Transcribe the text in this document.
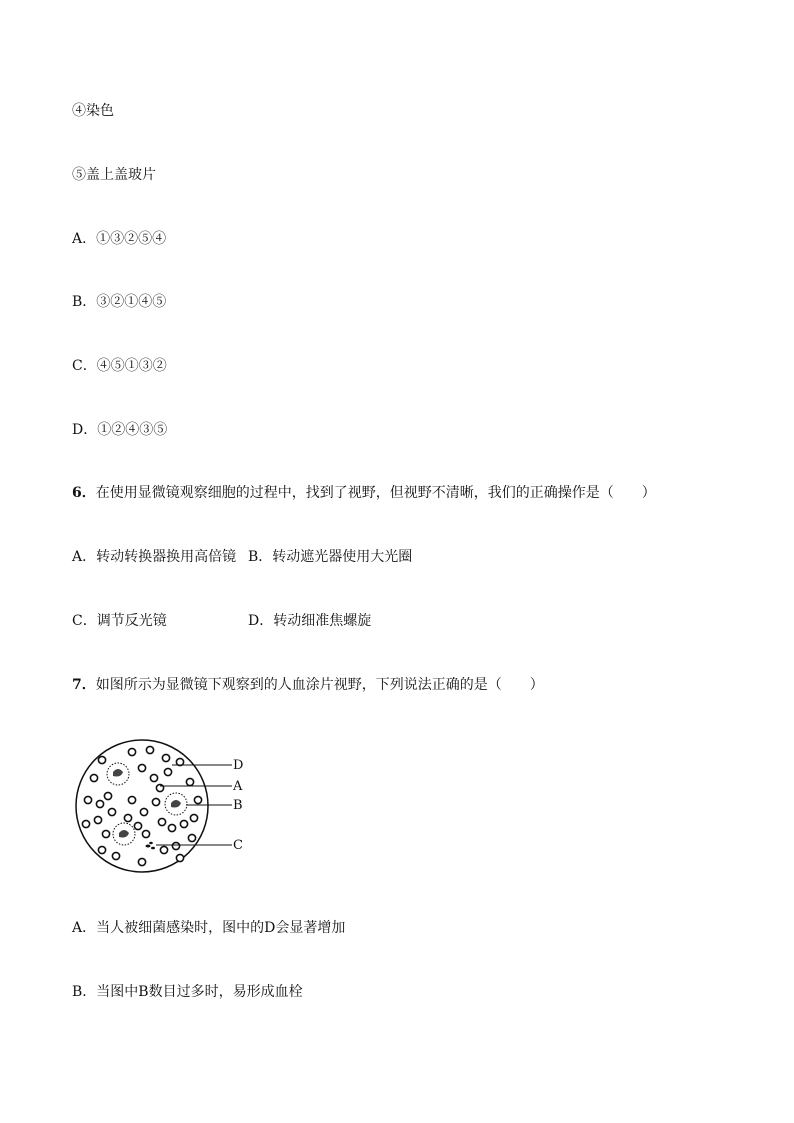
④染色
⑤盖上盖玻片
A．①③②⑤④
B．③②①④⑤
C．④⑤①③②
D．①②④③⑤
6．在使用显微镜观察细胞的过程中，找到了视野，但视野不清晰，我们的正确操作是（　　）
A．转动转换器换用高倍镜 B．转动遮光器使用大光圈
C．调节反光镜	D．转动细准焦螺旋
7．如图所示为显微镜下观察到的人血涂片视野，下列说法正确的是（　　）
D
A
B
C
A．当人被细菌感染时，图中的D会显著增加
B．当图中B数目过多时，易形成血栓
